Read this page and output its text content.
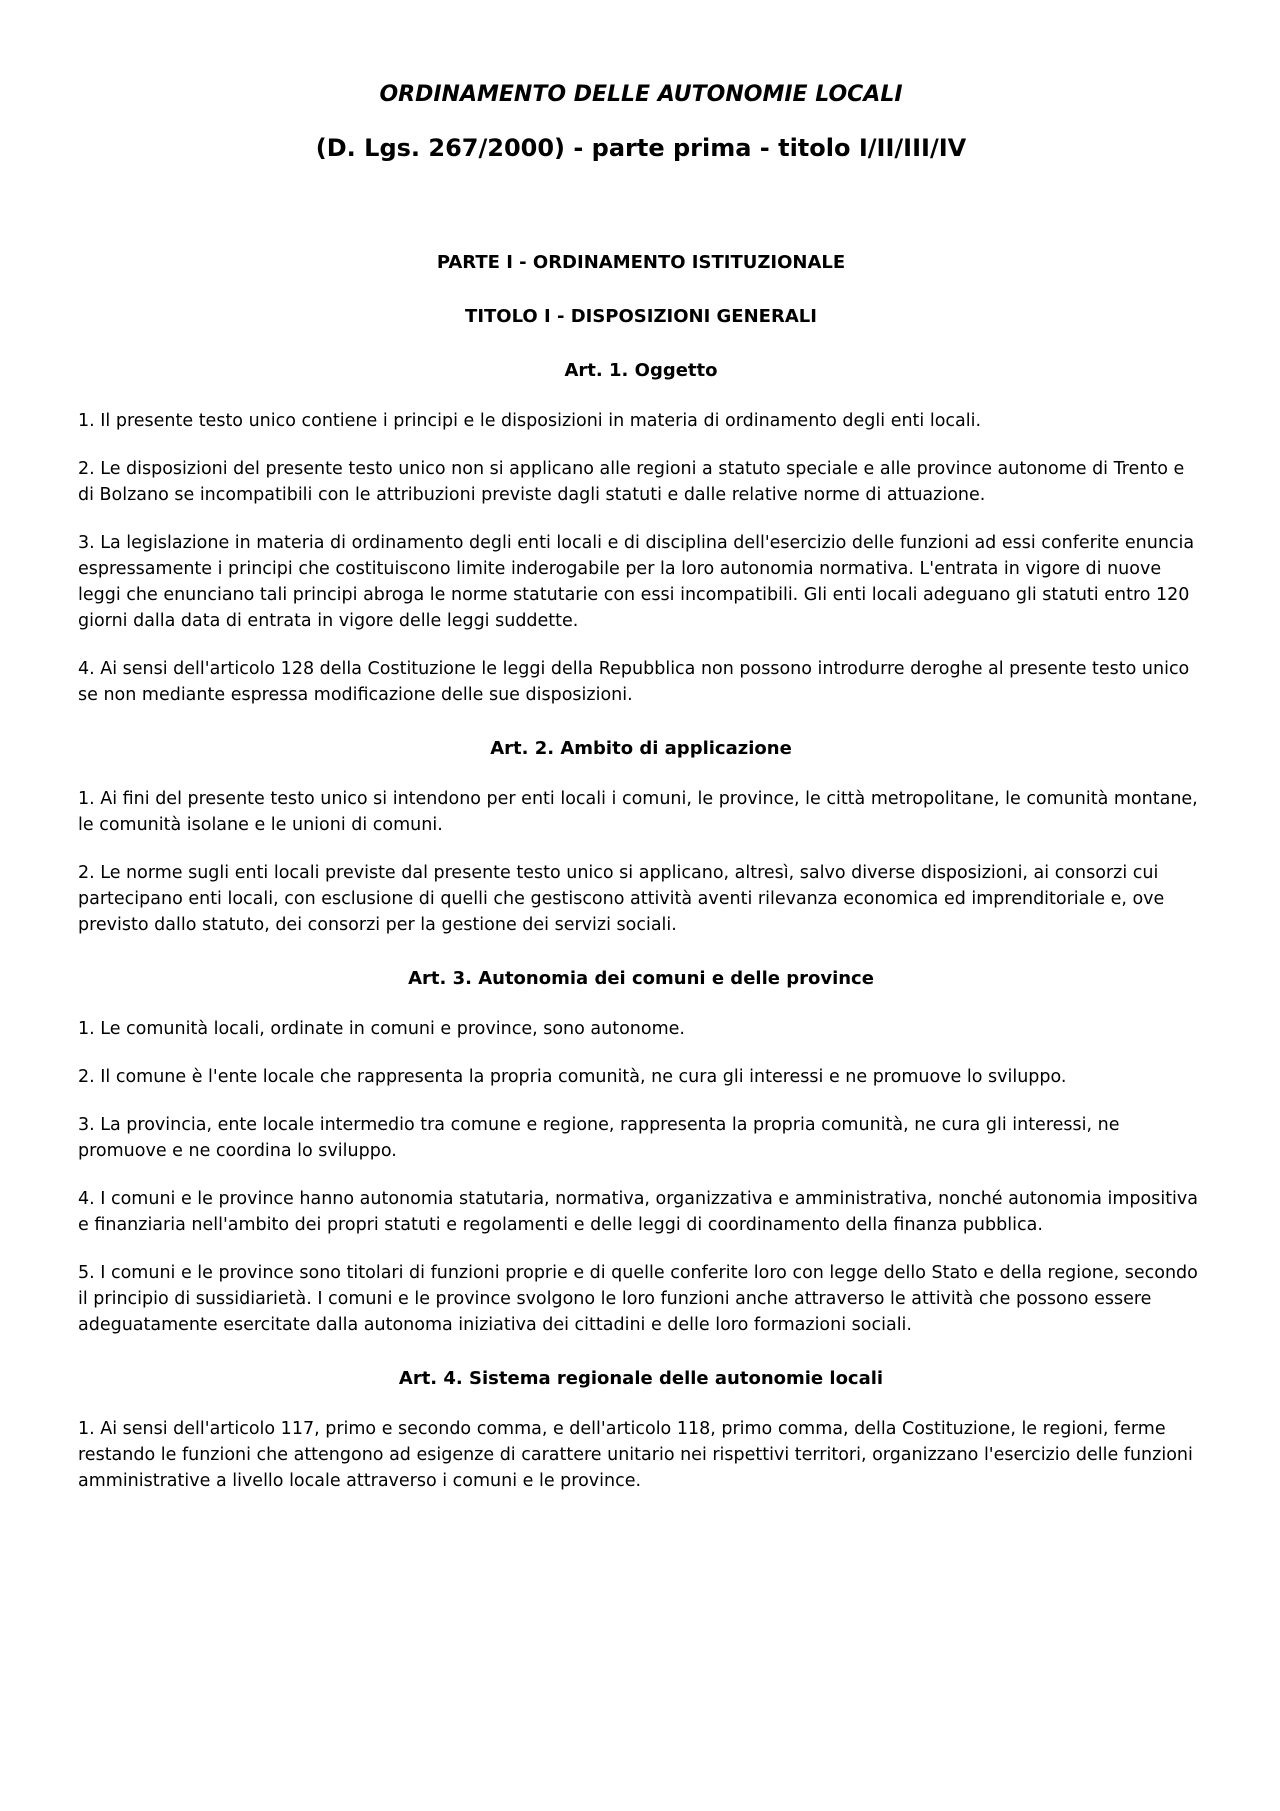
ORDINAMENTO DELLE AUTONOMIE LOCALI
(D. Lgs. 267/2000) - parte prima - titolo I/II/III/IV
PARTE I - ORDINAMENTO ISTITUZIONALE
TITOLO I - DISPOSIZIONI GENERALI
Art. 1. Oggetto

1. Il presente testo unico contiene i principi e le disposizioni in materia di ordinamento degli enti locali.

2. Le disposizioni del presente testo unico non si applicano alle regioni a statuto speciale e alle province autonome di Trento e di Bolzano se incompatibili con le attribuzioni previste dagli statuti e dalle relative norme di attuazione.

3. La legislazione in materia di ordinamento degli enti locali e di disciplina dell'esercizio delle funzioni ad essi conferite enuncia espressamente i principi che costituiscono limite inderogabile per la loro autonomia normativa. L'entrata in vigore di nuove leggi che enunciano tali principi abroga le norme statutarie con essi incompatibili. Gli enti locali adeguano gli statuti entro 120 giorni dalla data di entrata in vigore delle leggi suddette.

4. Ai sensi dell'articolo 128 della Costituzione le leggi della Repubblica non possono introdurre deroghe al presente testo unico se non mediante espressa modificazione delle sue disposizioni.

Art. 2. Ambito di applicazione

1. Ai fini del presente testo unico si intendono per enti locali i comuni, le province, le città metropolitane, le comunità montane, le comunità isolane e le unioni di comuni.

2. Le norme sugli enti locali previste dal presente testo unico si applicano, altresì, salvo diverse disposizioni, ai consorzi cui partecipano enti locali, con esclusione di quelli che gestiscono attività aventi rilevanza economica ed imprenditoriale e, ove previsto dallo statuto, dei consorzi per la gestione dei servizi sociali.

Art. 3. Autonomia dei comuni e delle province

1. Le comunità locali, ordinate in comuni e province, sono autonome.

2. Il comune è l'ente locale che rappresenta la propria comunità, ne cura gli interessi e ne promuove lo sviluppo.

3. La provincia, ente locale intermedio tra comune e regione, rappresenta la propria comunità, ne cura gli interessi, ne promuove e ne coordina lo sviluppo.

4. I comuni e le province hanno autonomia statutaria, normativa, organizzativa e amministrativa, nonché autonomia impositiva e finanziaria nell'ambito dei propri statuti e regolamenti e delle leggi di coordinamento della finanza pubblica.

5. I comuni e le province sono titolari di funzioni proprie e di quelle conferite loro con legge dello Stato e della regione, secondo il principio di sussidiarietà. I comuni e le province svolgono le loro funzioni anche attraverso le attività che possono essere adeguatamente esercitate dalla autonoma iniziativa dei cittadini e delle loro formazioni sociali.

Art. 4. Sistema regionale delle autonomie locali

1. Ai sensi dell'articolo 117, primo e secondo comma, e dell'articolo 118, primo comma, della Costituzione, le regioni, ferme restando le funzioni che attengono ad esigenze di carattere unitario nei rispettivi territori, organizzano l'esercizio delle funzioni amministrative a livello locale attraverso i comuni e le province.
